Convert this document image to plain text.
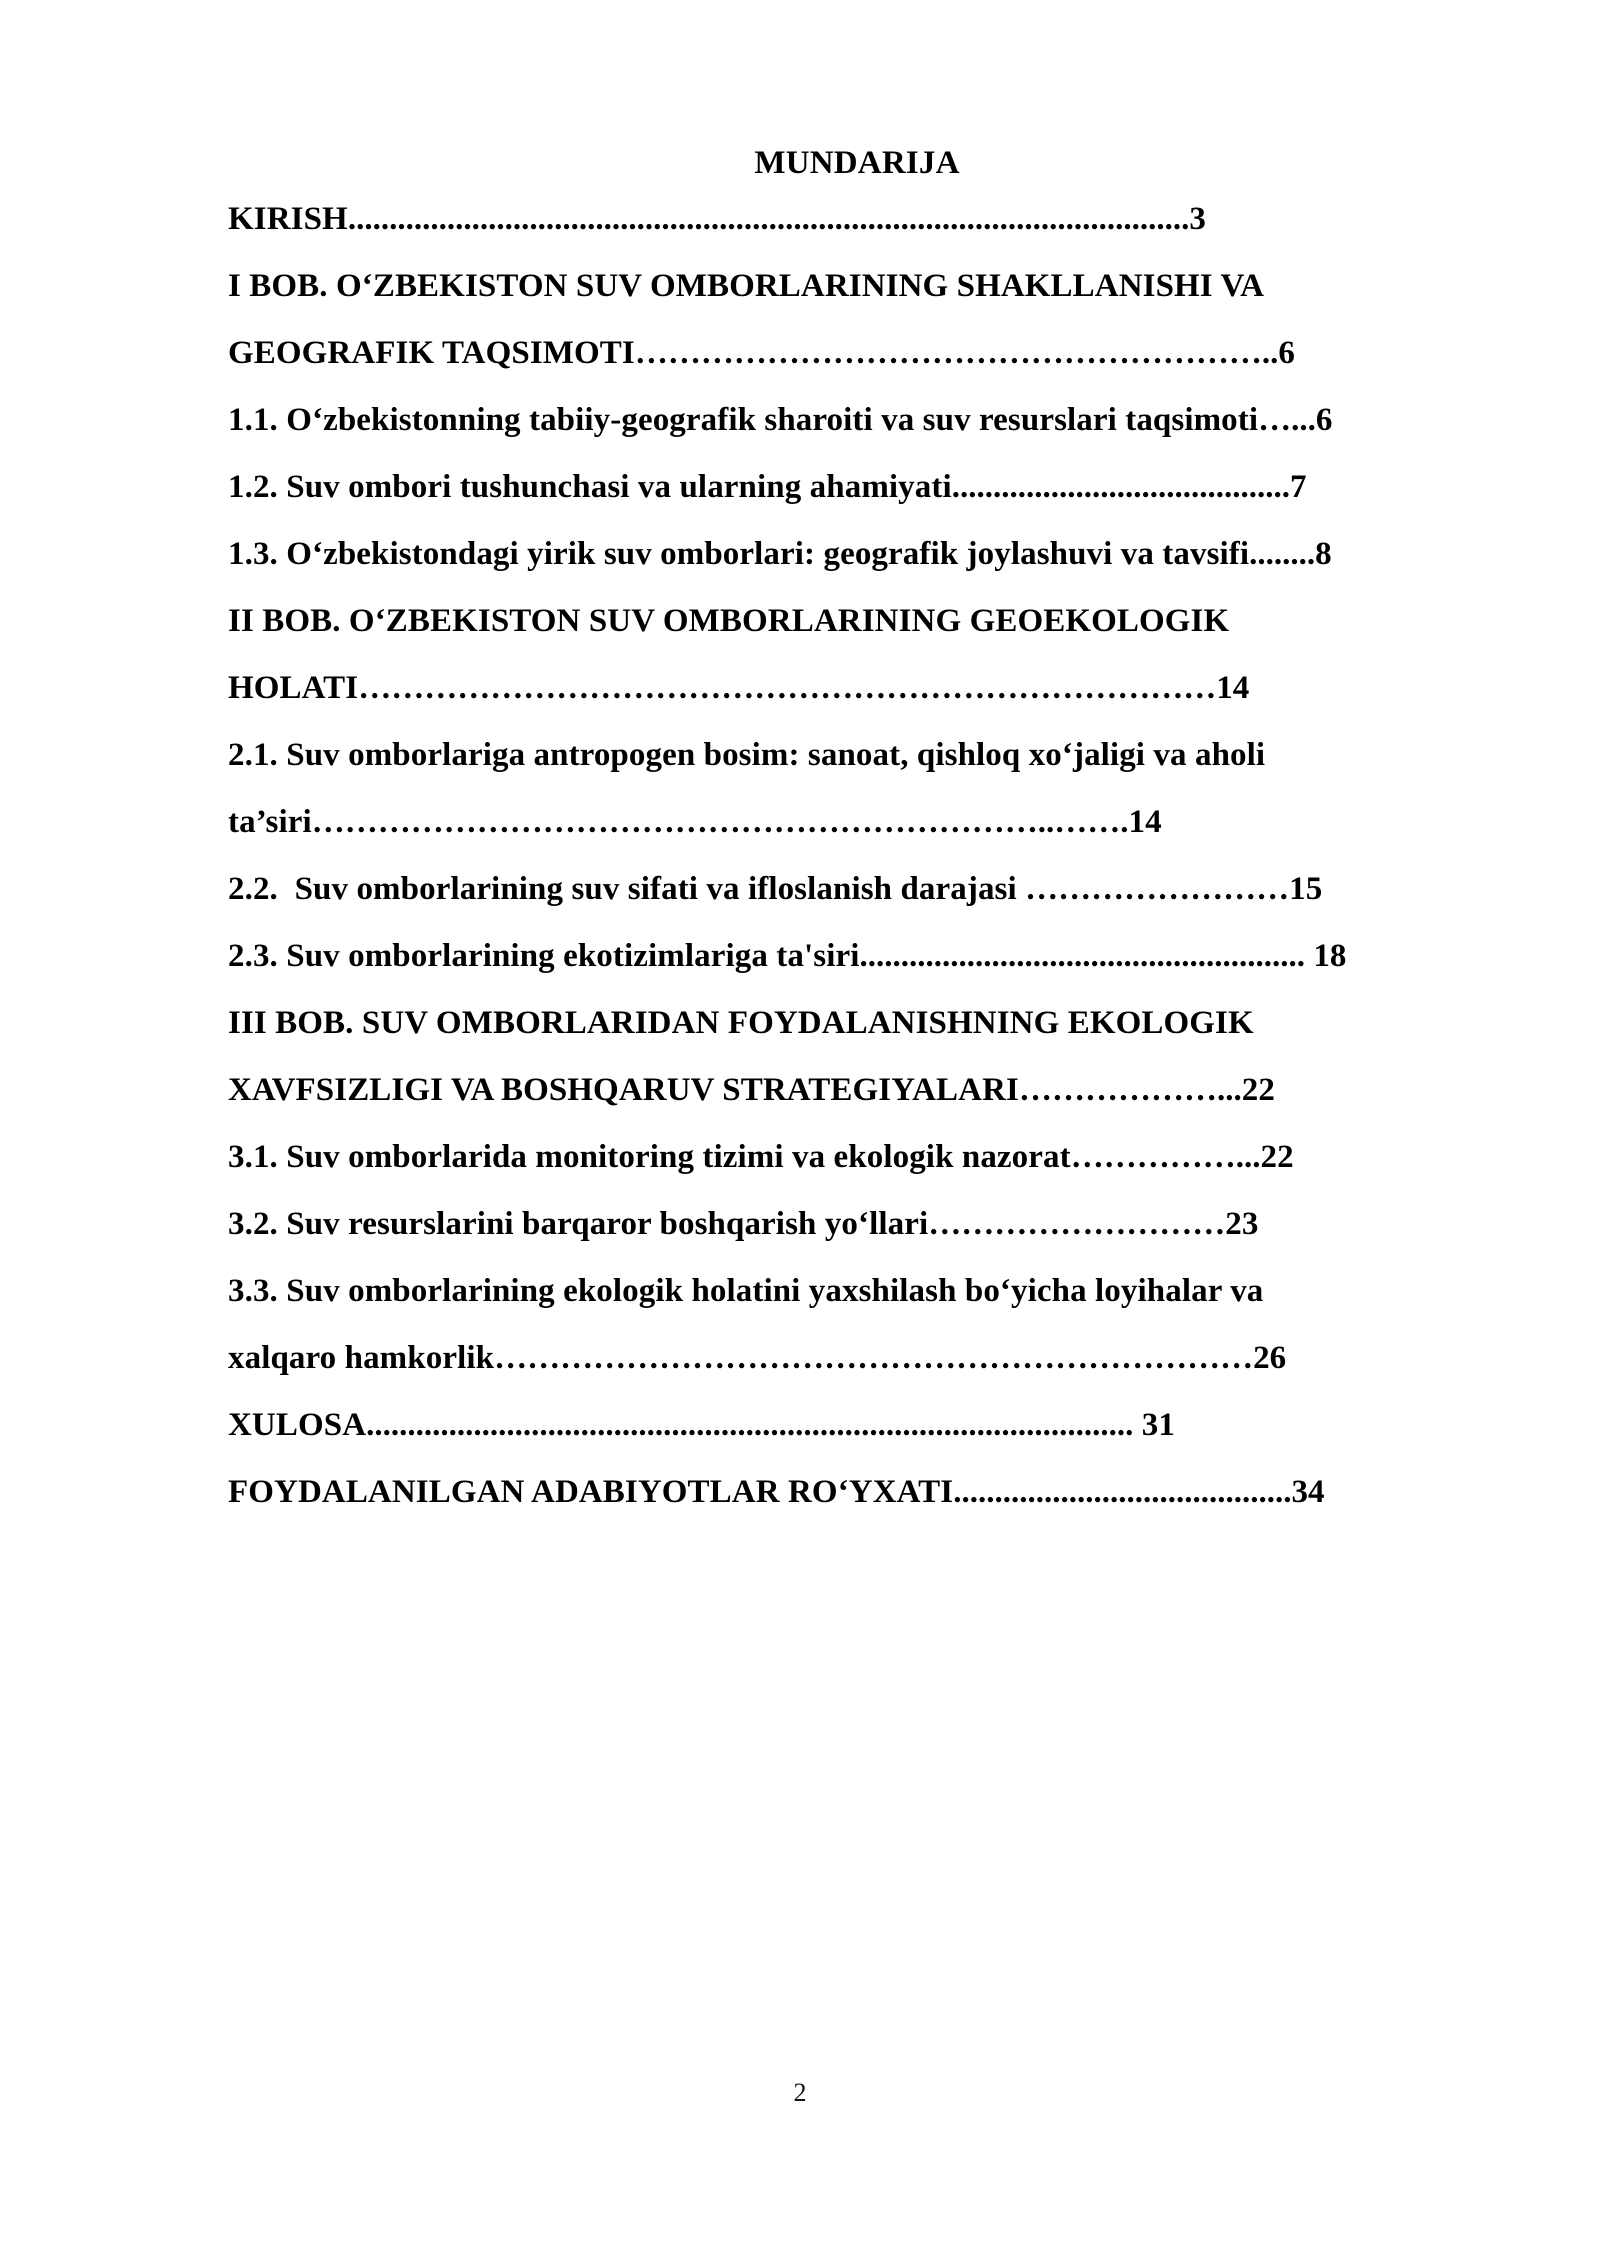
MUNDARIJA
KIRISH......................................................................................................3
I BOB. O‘ZBEKISTON SUV OMBORLARINING SHAKLLANISHI VA
GEOGRAFIK TAQSIMOTI…………………………………………………..6
1.1. O‘zbekistonning tabiiy-geografik sharoiti va suv resurslari taqsimoti…...6
1.2. Suv ombori tushunchasi va ularning ahamiyati.........................................7
1.3. O‘zbekistondagi yirik suv omborlari: geografik joylashuvi va tavsifi........8
II BOB. O‘ZBEKISTON SUV OMBORLARINING GEOEKOLOGIK
HOLATI……………………………………………………………………14
2.1. Suv omborlariga antropogen bosim: sanoat, qishloq xo‘jaligi va aholi
ta’siri…………………………………………………………..…….14
2.2.  Suv omborlarining suv sifati va ifloslanish darajasi ……………………15
2.3. Suv omborlarining ekotizimlariga ta'siri...................................................... 18
III BOB. SUV OMBORLARIDAN FOYDALANISHNING EKOLOGIK
XAVFSIZLIGI VA BOSHQARUV STRATEGIYALARI………………...22
3.1. Suv omborlarida monitoring tizimi va ekologik nazorat……………...22
3.2. Suv resurslarini barqaror boshqarish yo‘llari………………………23
3.3. Suv omborlarining ekologik holatini yaxshilash bo‘yicha loyihalar va
xalqaro hamkorlik……………………………………………………………26
XULOSA............................................................................................. 31
FOYDALANILGAN ADABIYOTLAR RO‘YXATI.........................................34
2
